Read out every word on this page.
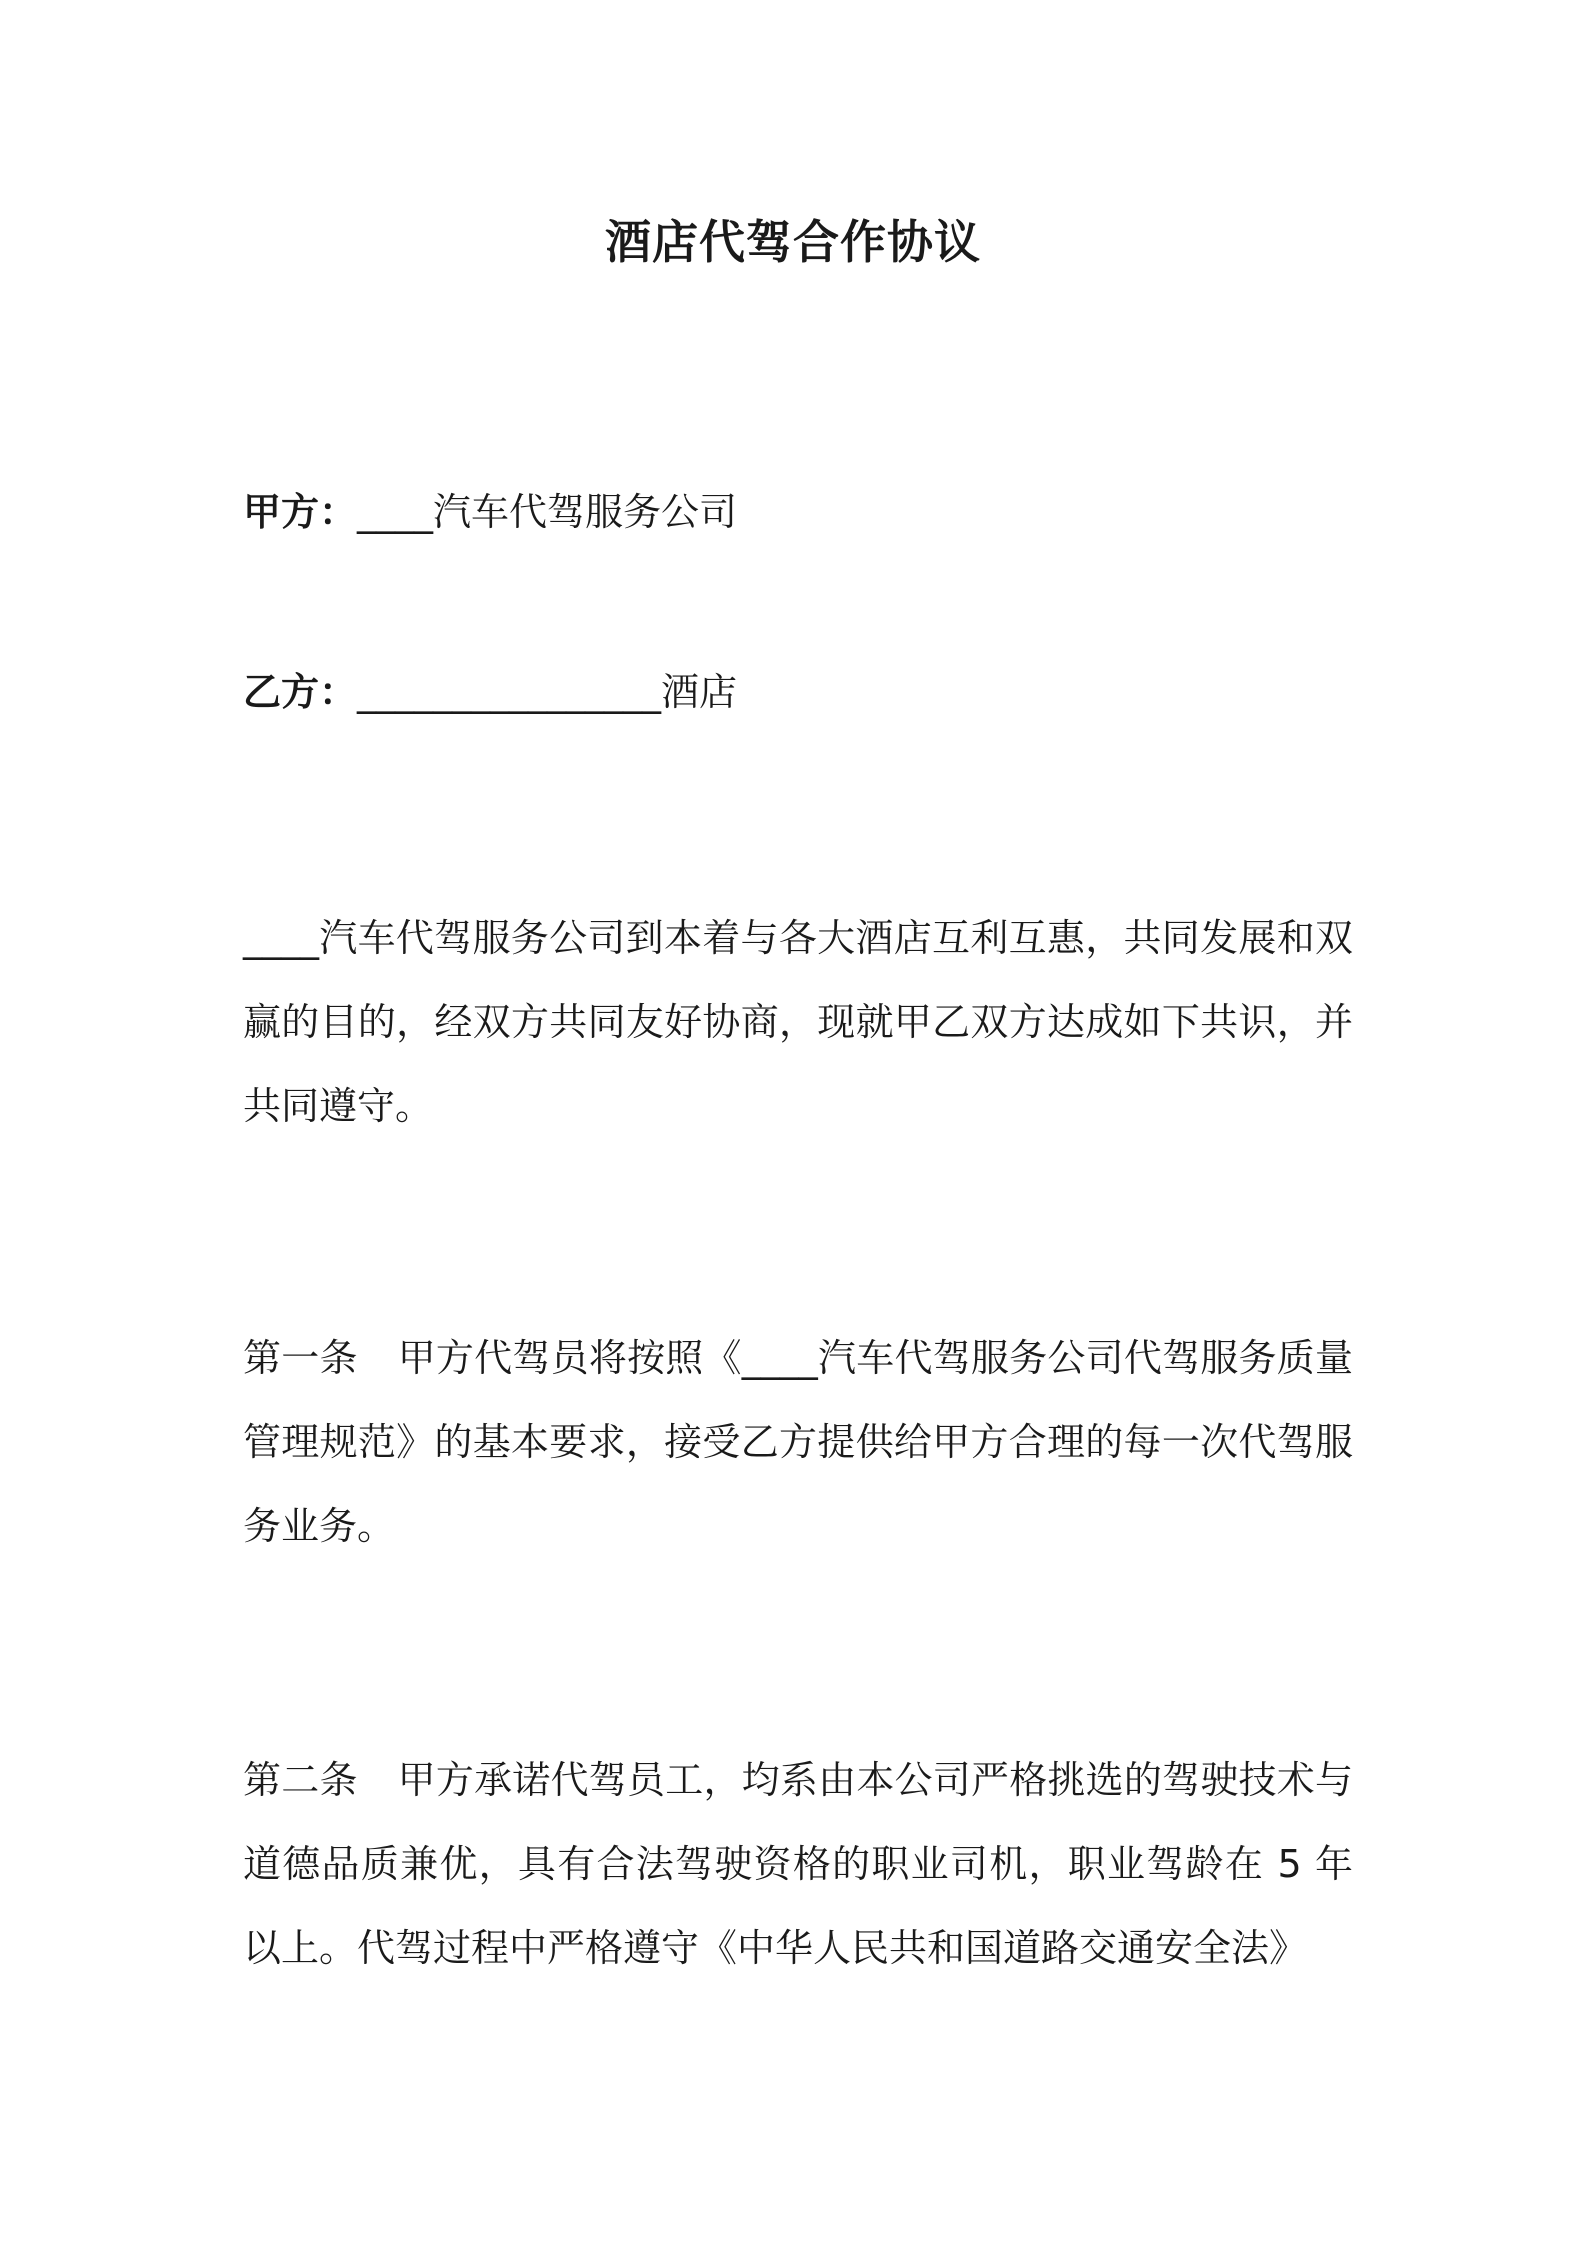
酒店代驾合作协议
甲方：____汽车代驾服务公司
乙方：________________酒店
____汽车代驾服务公司到本着与各大酒店互利互惠，共同发展和双赢的目的，经双方共同友好协商，现就甲乙双方达成如下共识，并共同遵守。
第一条 甲方代驾员将按照《____汽车代驾服务公司代驾服务质量管理规范》的基本要求，接受乙方提供给甲方合理的每一次代驾服务业务。
第二条 甲方承诺代驾员工，均系由本公司严格挑选的驾驶技术与道德品质兼优，具有合法驾驶资格的职业司机，职业驾龄在 5 年以上。代驾过程中严格遵守《中华人民共和国道路交通安全法》
